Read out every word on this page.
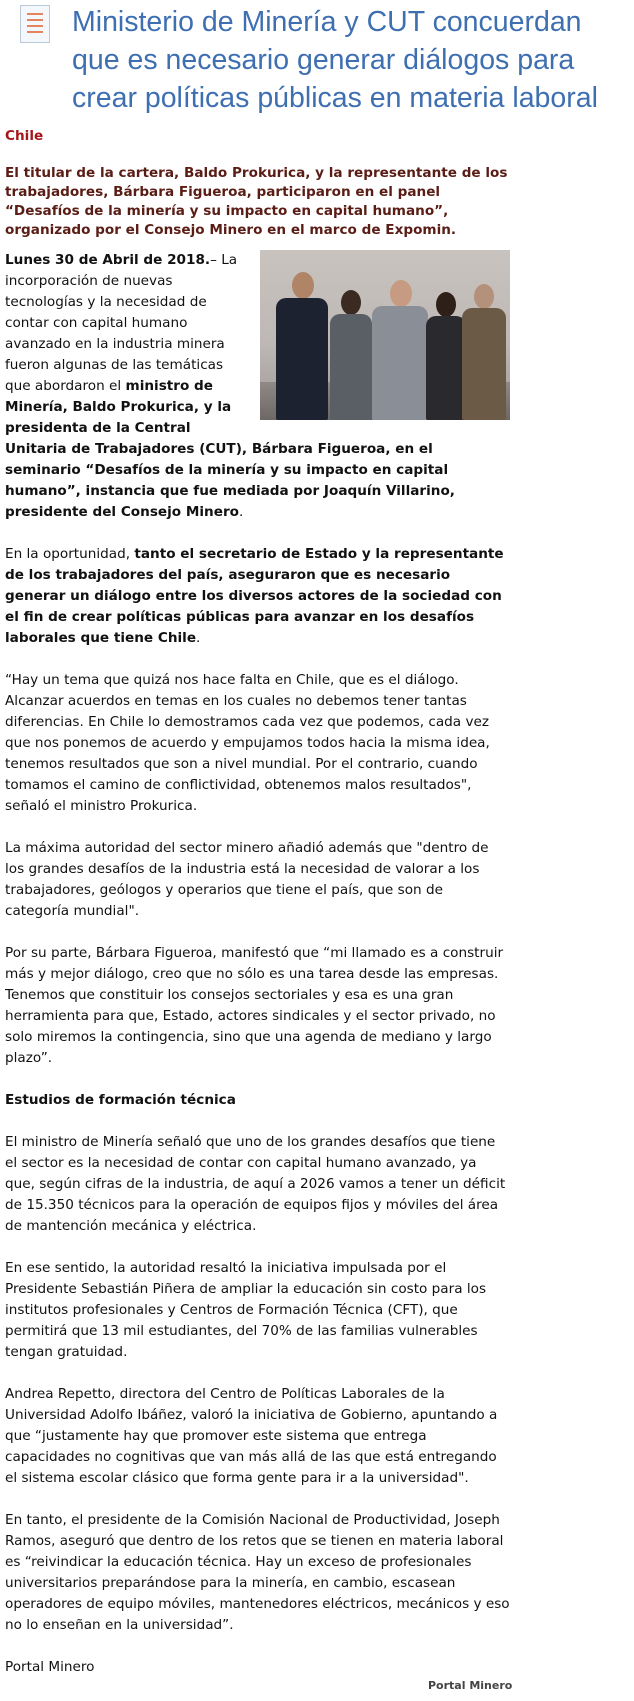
Ministerio de Minería y CUT concuerdan que es necesario generar diálogos para crear políticas públicas en materia laboral

Chile

El titular de la cartera, Baldo Prokurica, y la representante de los trabajadores, Bárbara Figueroa, participaron en el panel “Desafíos de la minería y su impacto en capital humano”, organizado por el Consejo Minero en el marco de Expomin.

Lunes 30 de Abril de 2018.– La incorporación de nuevas tecnologías y la necesidad de contar con capital humano avanzado en la industria minera fueron algunas de las temáticas que abordaron el ministro de Minería, Baldo Prokurica, y la presidenta de la Central Unitaria de Trabajadores (CUT), Bárbara Figueroa, en el seminario “Desafíos de la minería y su impacto en capital humano”, instancia que fue mediada por Joaquín Villarino, presidente del Consejo Minero.

En la oportunidad, tanto el secretario de Estado y la representante de los trabajadores del país, aseguraron que es necesario generar un diálogo entre los diversos actores de la sociedad con el fin de crear políticas públicas para avanzar en los desafíos laborales que tiene Chile.

“Hay un tema que quizá nos hace falta en Chile, que es el diálogo. Alcanzar acuerdos en temas en los cuales no debemos tener tantas diferencias. En Chile lo demostramos cada vez que podemos, cada vez que nos ponemos de acuerdo y empujamos todos hacia la misma idea, tenemos resultados que son a nivel mundial. Por el contrario, cuando tomamos el camino de conflictividad, obtenemos malos resultados", señaló el ministro Prokurica.

La máxima autoridad del sector minero añadió además que "dentro de los grandes desafíos de la industria está la necesidad de valorar a los trabajadores, geólogos y operarios que tiene el país, que son de categoría mundial".

Por su parte, Bárbara Figueroa, manifestó que “mi llamado es a construir más y mejor diálogo, creo que no sólo es una tarea desde las empresas. Tenemos que constituir los consejos sectoriales y esa es una gran herramienta para que, Estado, actores sindicales y el sector privado, no solo miremos la contingencia, sino que una agenda de mediano y largo plazo”.

Estudios de formación técnica

El ministro de Minería señaló que uno de los grandes desafíos que tiene el sector es la necesidad de contar con capital humano avanzado, ya que, según cifras de la industria, de aquí a 2026 vamos a tener un déficit de 15.350 técnicos para la operación de equipos fijos y móviles del área de mantención mecánica y eléctrica.

En ese sentido, la autoridad resaltó la iniciativa impulsada por el Presidente Sebastián Piñera de ampliar la educación sin costo para los institutos profesionales y Centros de Formación Técnica (CFT), que permitirá que 13 mil estudiantes, del 70% de las familias vulnerables tengan gratuidad.

Andrea Repetto, directora del Centro de Políticas Laborales de la Universidad Adolfo Ibáñez, valoró la iniciativa de Gobierno, apuntando a que “justamente hay que promover este sistema que entrega capacidades no cognitivas que van más allá de las que está entregando el sistema escolar clásico que forma gente para ir a la universidad".

En tanto, el presidente de la Comisión Nacional de Productividad, Joseph Ramos, aseguró que dentro de los retos que se tienen en materia laboral es “reivindicar la educación técnica. Hay un exceso de profesionales universitarios preparándose para la minería, en cambio, escasean operadores de equipo móviles, mantenedores eléctricos, mecánicos y eso no lo enseñan en la universidad”.

Portal Minero

Portal Minero
